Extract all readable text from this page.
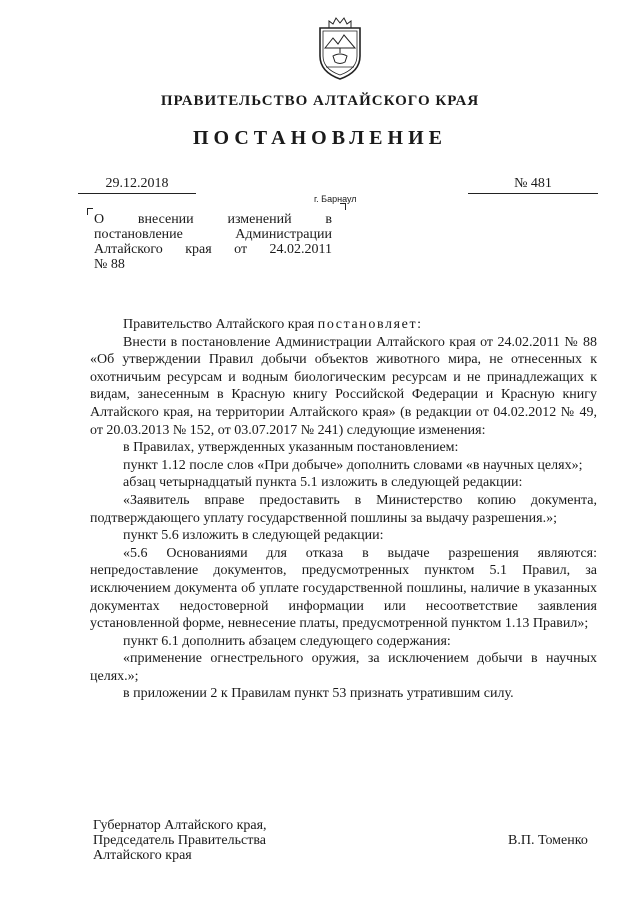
ПРАВИТЕЛЬСТВО АЛТАЙСКОГО КРАЯ
ПОСТАНОВЛЕНИЕ
29.12.2018	№ 481
г. Барнаул
О внесении изменений в
постановление Администрации
Алтайского края от 24.02.2011
№ 88

Правительство Алтайского края постановляет:

Внести в постановление Администрации Алтайского края от 24.02.2011 № 88 «Об утверждении Правил добычи объектов животного мира, не отнесенных к охотничьим ресурсам и водным биологическим ресурсам и не принадлежащих к видам, занесенным в Красную книгу Российской Федерации и Красную книгу Алтайского края, на территории Алтайского края» (в редакции от 04.02.2012 № 49, от 20.03.2013 № 152, от 03.07.2017 № 241) следующие изменения:

в Правилах, утвержденных указанным постановлением:

пункт 1.12 после слов «При добыче» дополнить словами «в научных целях»;

абзац четырнадцатый пункта 5.1 изложить в следующей редакции:

«Заявитель вправе предоставить в Министерство копию документа, подтверждающего уплату государственной пошлины за выдачу разрешения.»;

пункт 5.6 изложить в следующей редакции:

«5.6 Основаниями для отказа в выдаче разрешения являются: непредоставление документов, предусмотренных пунктом 5.1 Правил, за исключением документа об уплате государственной пошлины, наличие в указанных документах недостоверной информации или несоответствие заявления установленной форме, невнесение платы, предусмотренной пунктом 1.13 Правил»;

пункт 6.1 дополнить абзацем следующего содержания:

«применение огнестрельного оружия, за исключением добычи в научных целях.»;

в приложении 2 к Правилам пункт 53 признать утратившим силу.

Губернатор Алтайского края,
Председатель Правительства
Алтайского края
В.П. Томенко
